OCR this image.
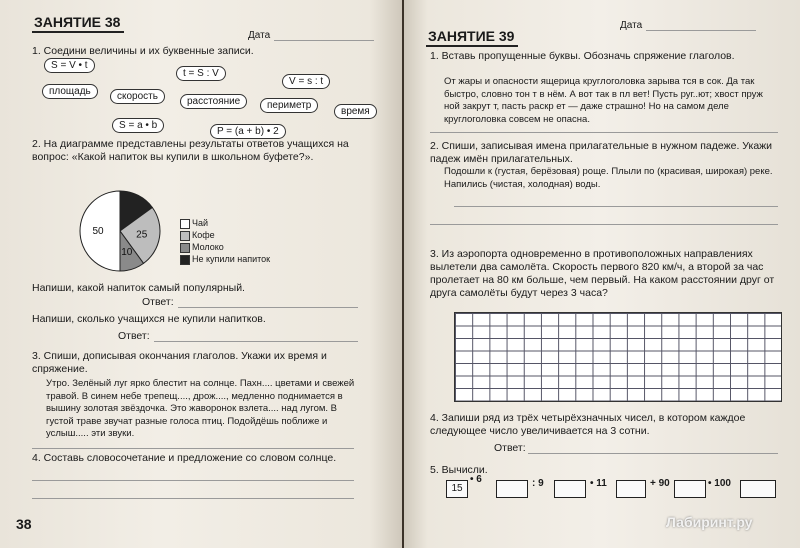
ЗАНЯТИЕ 38
Дата
1. Соедини величины и их буквенные записи.
S = V • t
t = S : V
V = s : t
площадь	скорость	расстояние	периметр
время
S = a • b
P = (a + b) • 2
2. На диаграмме представлены результаты ответов учащихся на вопрос: «Какой напиток вы купили в школьном буфете?».
25
10
50
Чай
Кофе
Молоко
Не купили напиток
Напиши, какой напиток самый популярный.
Ответ:
Напиши, сколько учащихся не купили напитков.
Ответ:
3. Спиши, дописывая окончания глаголов. Укажи их время и спряжение.
Утро. Зелёный луг ярко блестит на солнце. Пахн.... цветами и свежей травой. В синем небе трепещ...., дрож...., медленно поднимается в вышину золотая звёздочка. Это жаворонок взлета.... над лугом. В густой траве звучат разные голоса птиц. Подойдёшь поближе и услыш..... эти звуки.
4. Составь словосочетание и предложение со словом солнце.
38
Дата
ЗАНЯТИЕ 39
1. Вставь пропущенные буквы. Обозначь спряжение глаголов.
От жары и опасности ящерица круглоголовка зарыва тся в сок. Да так быстро, словно тон т в нём. А вот так в пл вет! Пусть руг..ют; хвост пруж ной закрут т, пасть раскр ет — даже страшно! Но на самом деле круглоголовка совсем не опасна.
2. Спиши, записывая имена прилагательные в нужном падеже. Укажи падеж имён прилагательных.
Подошли к (густая, берёзовая) роще. Плыли по (красивая, широкая) реке. Напились (чистая, холодная) воды.
3. Из аэропорта одновременно в противоположных направлениях вылетели два самолёта. Скорость первого 820 км/ч, а второй за час пролетает на 80 км больше, чем первый. На каком расстоянии друг от друга самолёты будут через 3 часа?
4. Запиши ряд из трёх четырёхзначных чисел, в котором каждое следующее число увеличивается на 3 сотни.
Ответ:
5. Вычисли.
15
• 6	: 9	• 11	+ 90	• 100
Лабиринт.ру
